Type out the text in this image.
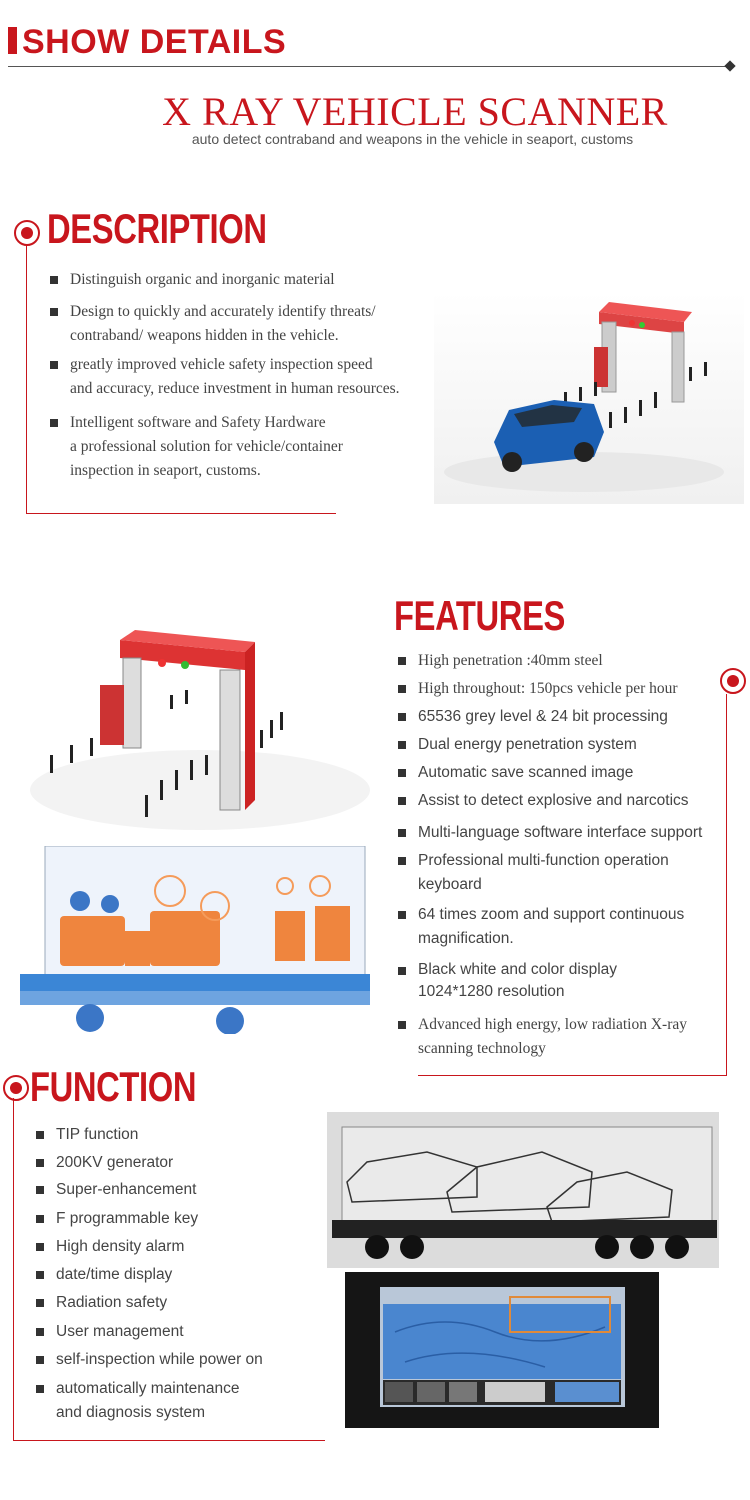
SHOW DETAILS
X RAY VEHICLE SCANNER
auto detect contraband and weapons in the vehicle in seaport, customs
DESCRIPTION
Distinguish organic and inorganic material
Design to quickly and accurately identify threats/
contraband/ weapons hidden in the vehicle.
greatly improved vehicle safety inspection speed
and accuracy, reduce investment in human resources.
Intelligent software and Safety Hardware
a professional solution for vehicle/container
inspection in seaport, customs.
FEATURES
High penetration :40mm steel
High throughout: 150pcs vehicle per hour
65536 grey level & 24 bit processing
Dual energy penetration system
Automatic save scanned image
Assist to detect explosive and narcotics
Multi-language software interface support
Professional multi-function operation
keyboard
64 times zoom and support continuous
magnification.
Black white and color display
1024*1280 resolution
Advanced high energy, low radiation X-ray
scanning technology
FUNCTION
TIP function
200KV generator
Super-enhancement
F programmable key
High density alarm
date/time display
Radiation safety
User management
self-inspection while power on
automatically maintenance
and diagnosis system
